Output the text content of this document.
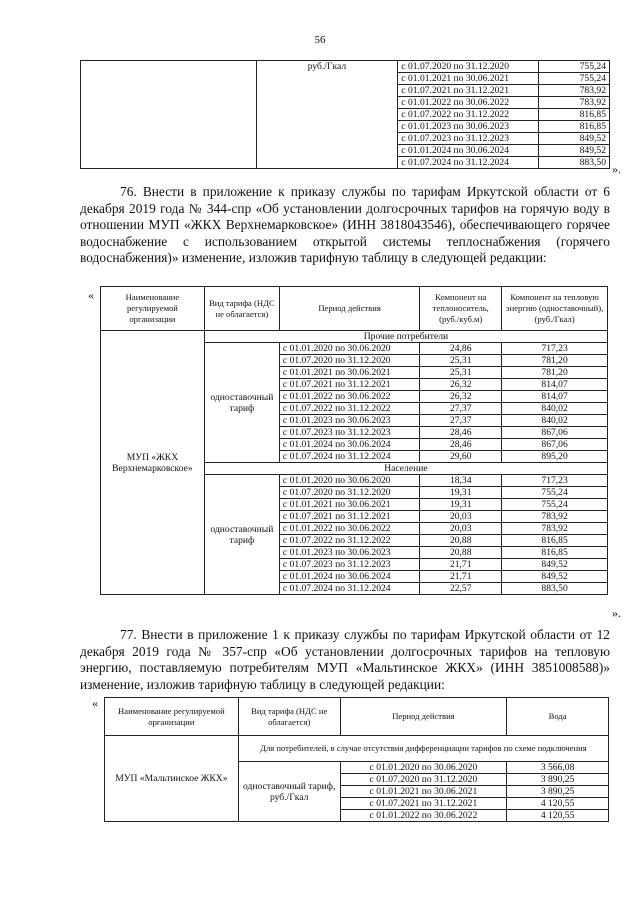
56
	руб./Гкал	с 01.07.2020 по 31.12.2020	755,24
		с 01.01.2021 по 30.06.2021	755,24
		с 01.07.2021 по 31.12.2021	783,92
		с 01.01.2022 по 30.06.2022	783,92
		с 01.07.2022 по 31.12.2022	816,85
		с 01.01.2023 по 30.06.2023	816,85
		с 01.07.2023 по 31.12.2023	849,52
		с 01.01.2024 по 30.06.2024	849,52
		с 01.07.2024 по 31.12.2024	883,50 ».
76. Внести в приложение к приказу службы по тарифам Иркутской области от 6 декабря 2019 года № 344-спр «Об установлении долгосрочных тарифов на горячую воду в отношении МУП «ЖКХ Верхнемарковское» (ИНН 3818043546), обеспечивающего горячее водоснабжение с использованием открытой системы теплоснабжения (горячего водоснабжения)» изменение, изложив тарифную таблицу в следующей редакции:
«	Наименование регулируемой организации	Вид тарифа (НДС не облагается)	Период действия	Компонент на теплоноситель, (руб./куб.м)	Компонент на тепловую энергию (одноставочный), (руб./Гкал)
МУП «ЖКХ Верхнемарковское»	Прочие потребители			
	одноставочный тариф	с 01.01.2020 по 30.06.2020	24,86	717,23
		с 01.07.2020 по 31.12.2020	25,31	781,20
		с 01.01.2021 по 30.06.2021	25,31	781,20
		с 01.07.2021 по 31.12.2021	26,32	814,07
		с 01.01.2022 по 30.06.2022	26,32	814,07
		с 01.07.2022 по 31.12.2022	27,37	840,02
		с 01.01.2023 по 30.06.2023	27,37	840,02
		с 01.07.2023 по 31.12.2023	28,46	867,06
		с 01.01.2024 по 30.06.2024	28,46	867,06
		с 01.07.2024 по 31.12.2024	29,60	895,20
	Население			
	одноставочный тариф	с 01.01.2020 по 30.06.2020	18,34	717,23
		с 01.07.2020 по 31.12.2020	19,31	755,24
		с 01.01.2021 по 30.06.2021	19,31	755,24
		с 01.07.2021 по 31.12.2021	20,03	783,92
		с 01.01.2022 по 30.06.2022	20,03	783,92
		с 01.07.2022 по 31.12.2022	20,88	816,85
		с 01.01.2023 по 30.06.2023	20,88	816,85
		с 01.07.2023 по 31.12.2023	21,71	849,52
		с 01.01.2024 по 30.06.2024	21,71	849,52
		с 01.07.2024 по 31.12.2024	22,57	883,50
».
77. Внести в приложение 1 к приказу службы по тарифам Иркутской области от 12 декабря 2019 года № 357-спр «Об установлении долгосрочных тарифов на тепловую энергию, поставляемую потребителям МУП «Мальтинское ЖКХ» (ИНН 3851008588)» изменение, изложив тарифную таблицу в следующей редакции:
«
Наименование регулируемой организации	Вид тарифа (НДС не облагается)	Период действия	Вода
МУП «Мальтинское ЖКХ»	Для потребителей, в случае отсутствия дифференциации тарифов по схеме подключения		
	одноставочный тариф, руб./Гкал	с 01.01.2020 по 30.06.2020	3 566,08
		с 01.07.2020 по 31.12.2020	3 890,25
		с 01.01.2021 по 30.06.2021	3 890,25
		с 01.07.2021 по 31.12.2021	4 120,55
		с 01.01.2022 по 30.06.2022	4 120,55
